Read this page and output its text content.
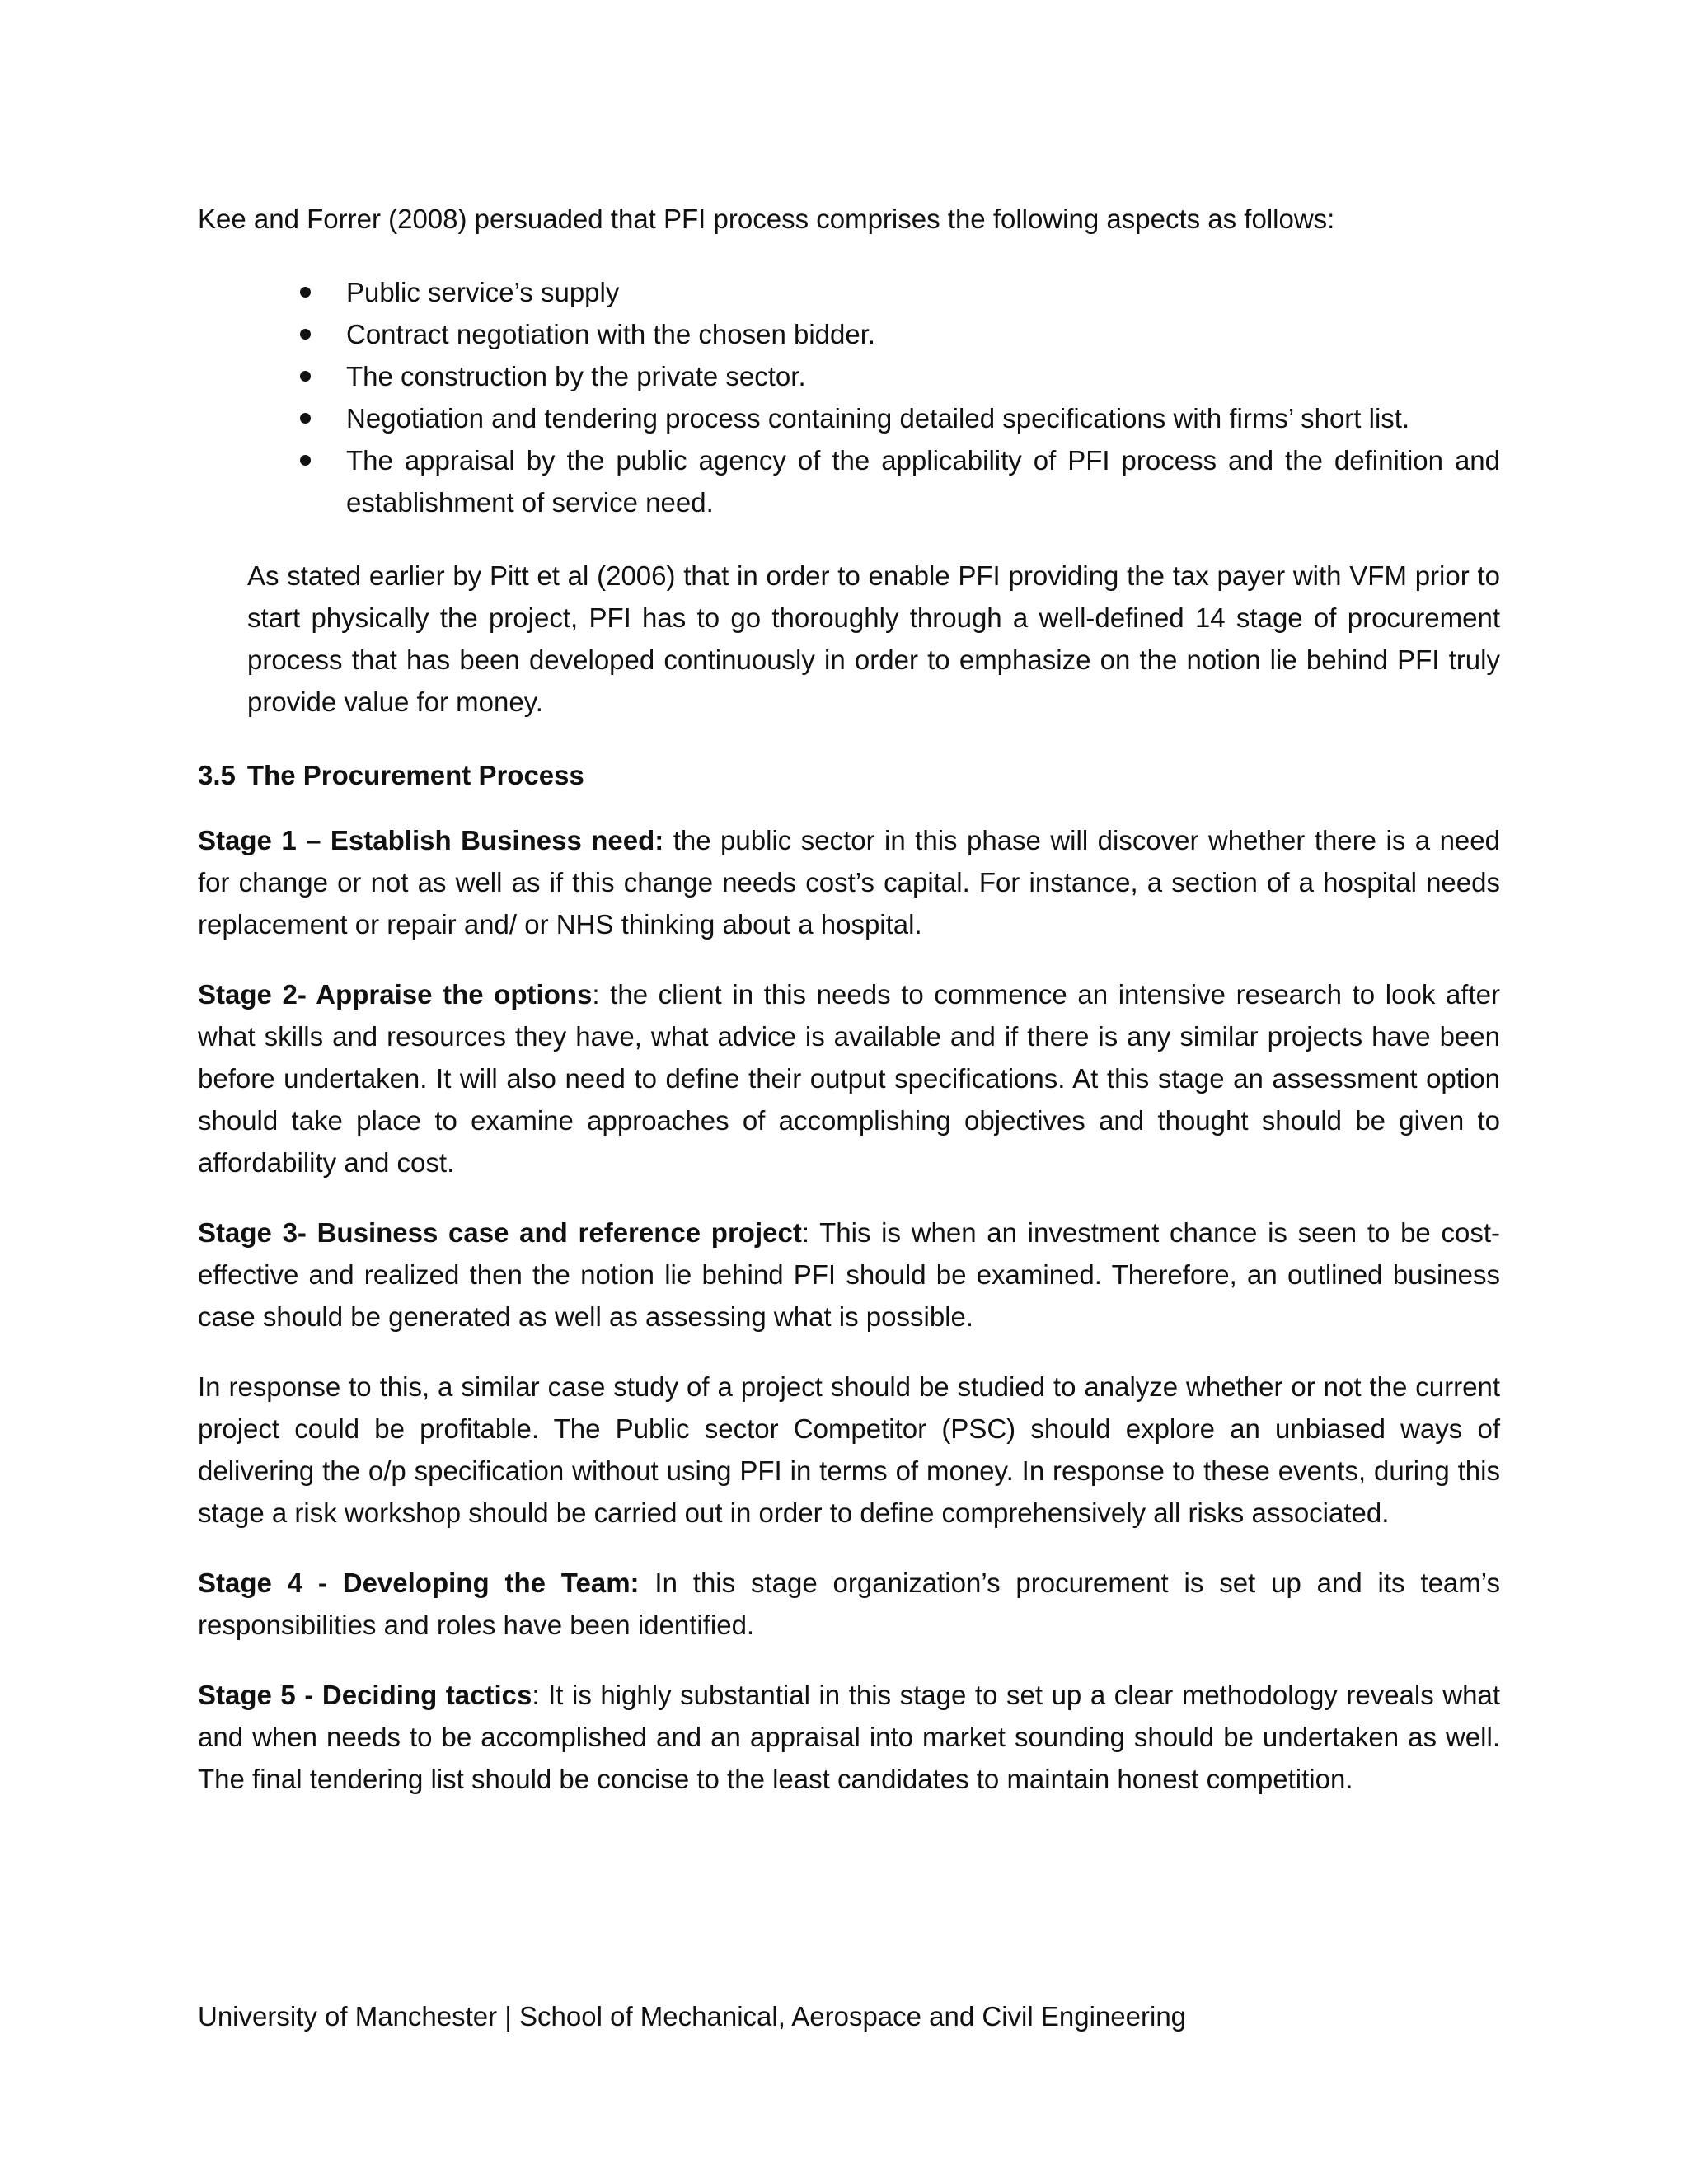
Kee and Forrer (2008) persuaded that PFI process comprises the following aspects as follows:

Public service’s supply
Contract negotiation with the chosen bidder.
The construction by the private sector.
Negotiation and tendering process containing detailed specifications with firms’ short list.
The appraisal by the public agency of the applicability of PFI process and the definition and establishment of service need.

As stated earlier by Pitt et al (2006) that in order to enable PFI providing the tax payer with VFM prior to start physically the project, PFI has to go thoroughly through a well-defined 14 stage of procurement process that has been developed continuously in order to emphasize on the notion lie behind PFI truly provide value for money.

3.5 The Procurement Process

Stage 1 – Establish Business need: the public sector in this phase will discover whether there is a need for change or not as well as if this change needs cost’s capital. For instance, a section of a hospital needs replacement or repair and/ or NHS thinking about a hospital.

Stage 2- Appraise the options: the client in this needs to commence an intensive research to look after what skills and resources they have, what advice is available and if there is any similar projects have been before undertaken. It will also need to define their output specifications. At this stage an assessment option should take place to examine approaches of accomplishing objectives and thought should be given to affordability and cost.

Stage 3- Business case and reference project: This is when an investment chance is seen to be cost-effective and realized then the notion lie behind PFI should be examined. Therefore, an outlined business case should be generated as well as assessing what is possible.

In response to this, a similar case study of a project should be studied to analyze whether or not the current project could be profitable. The Public sector Competitor (PSC) should explore an unbiased ways of delivering the o/p specification without using PFI in terms of money. In response to these events, during this stage a risk workshop should be carried out in order to define comprehensively all risks associated.

Stage 4 - Developing the Team: In this stage organization’s procurement is set up and its team’s responsibilities and roles have been identified.

Stage 5 - Deciding tactics: It is highly substantial in this stage to set up a clear methodology reveals what and when needs to be accomplished and an appraisal into market sounding should be undertaken as well. The final tendering list should be concise to the least candidates to maintain honest competition.

University of Manchester | School of Mechanical, Aerospace and Civil Engineering
